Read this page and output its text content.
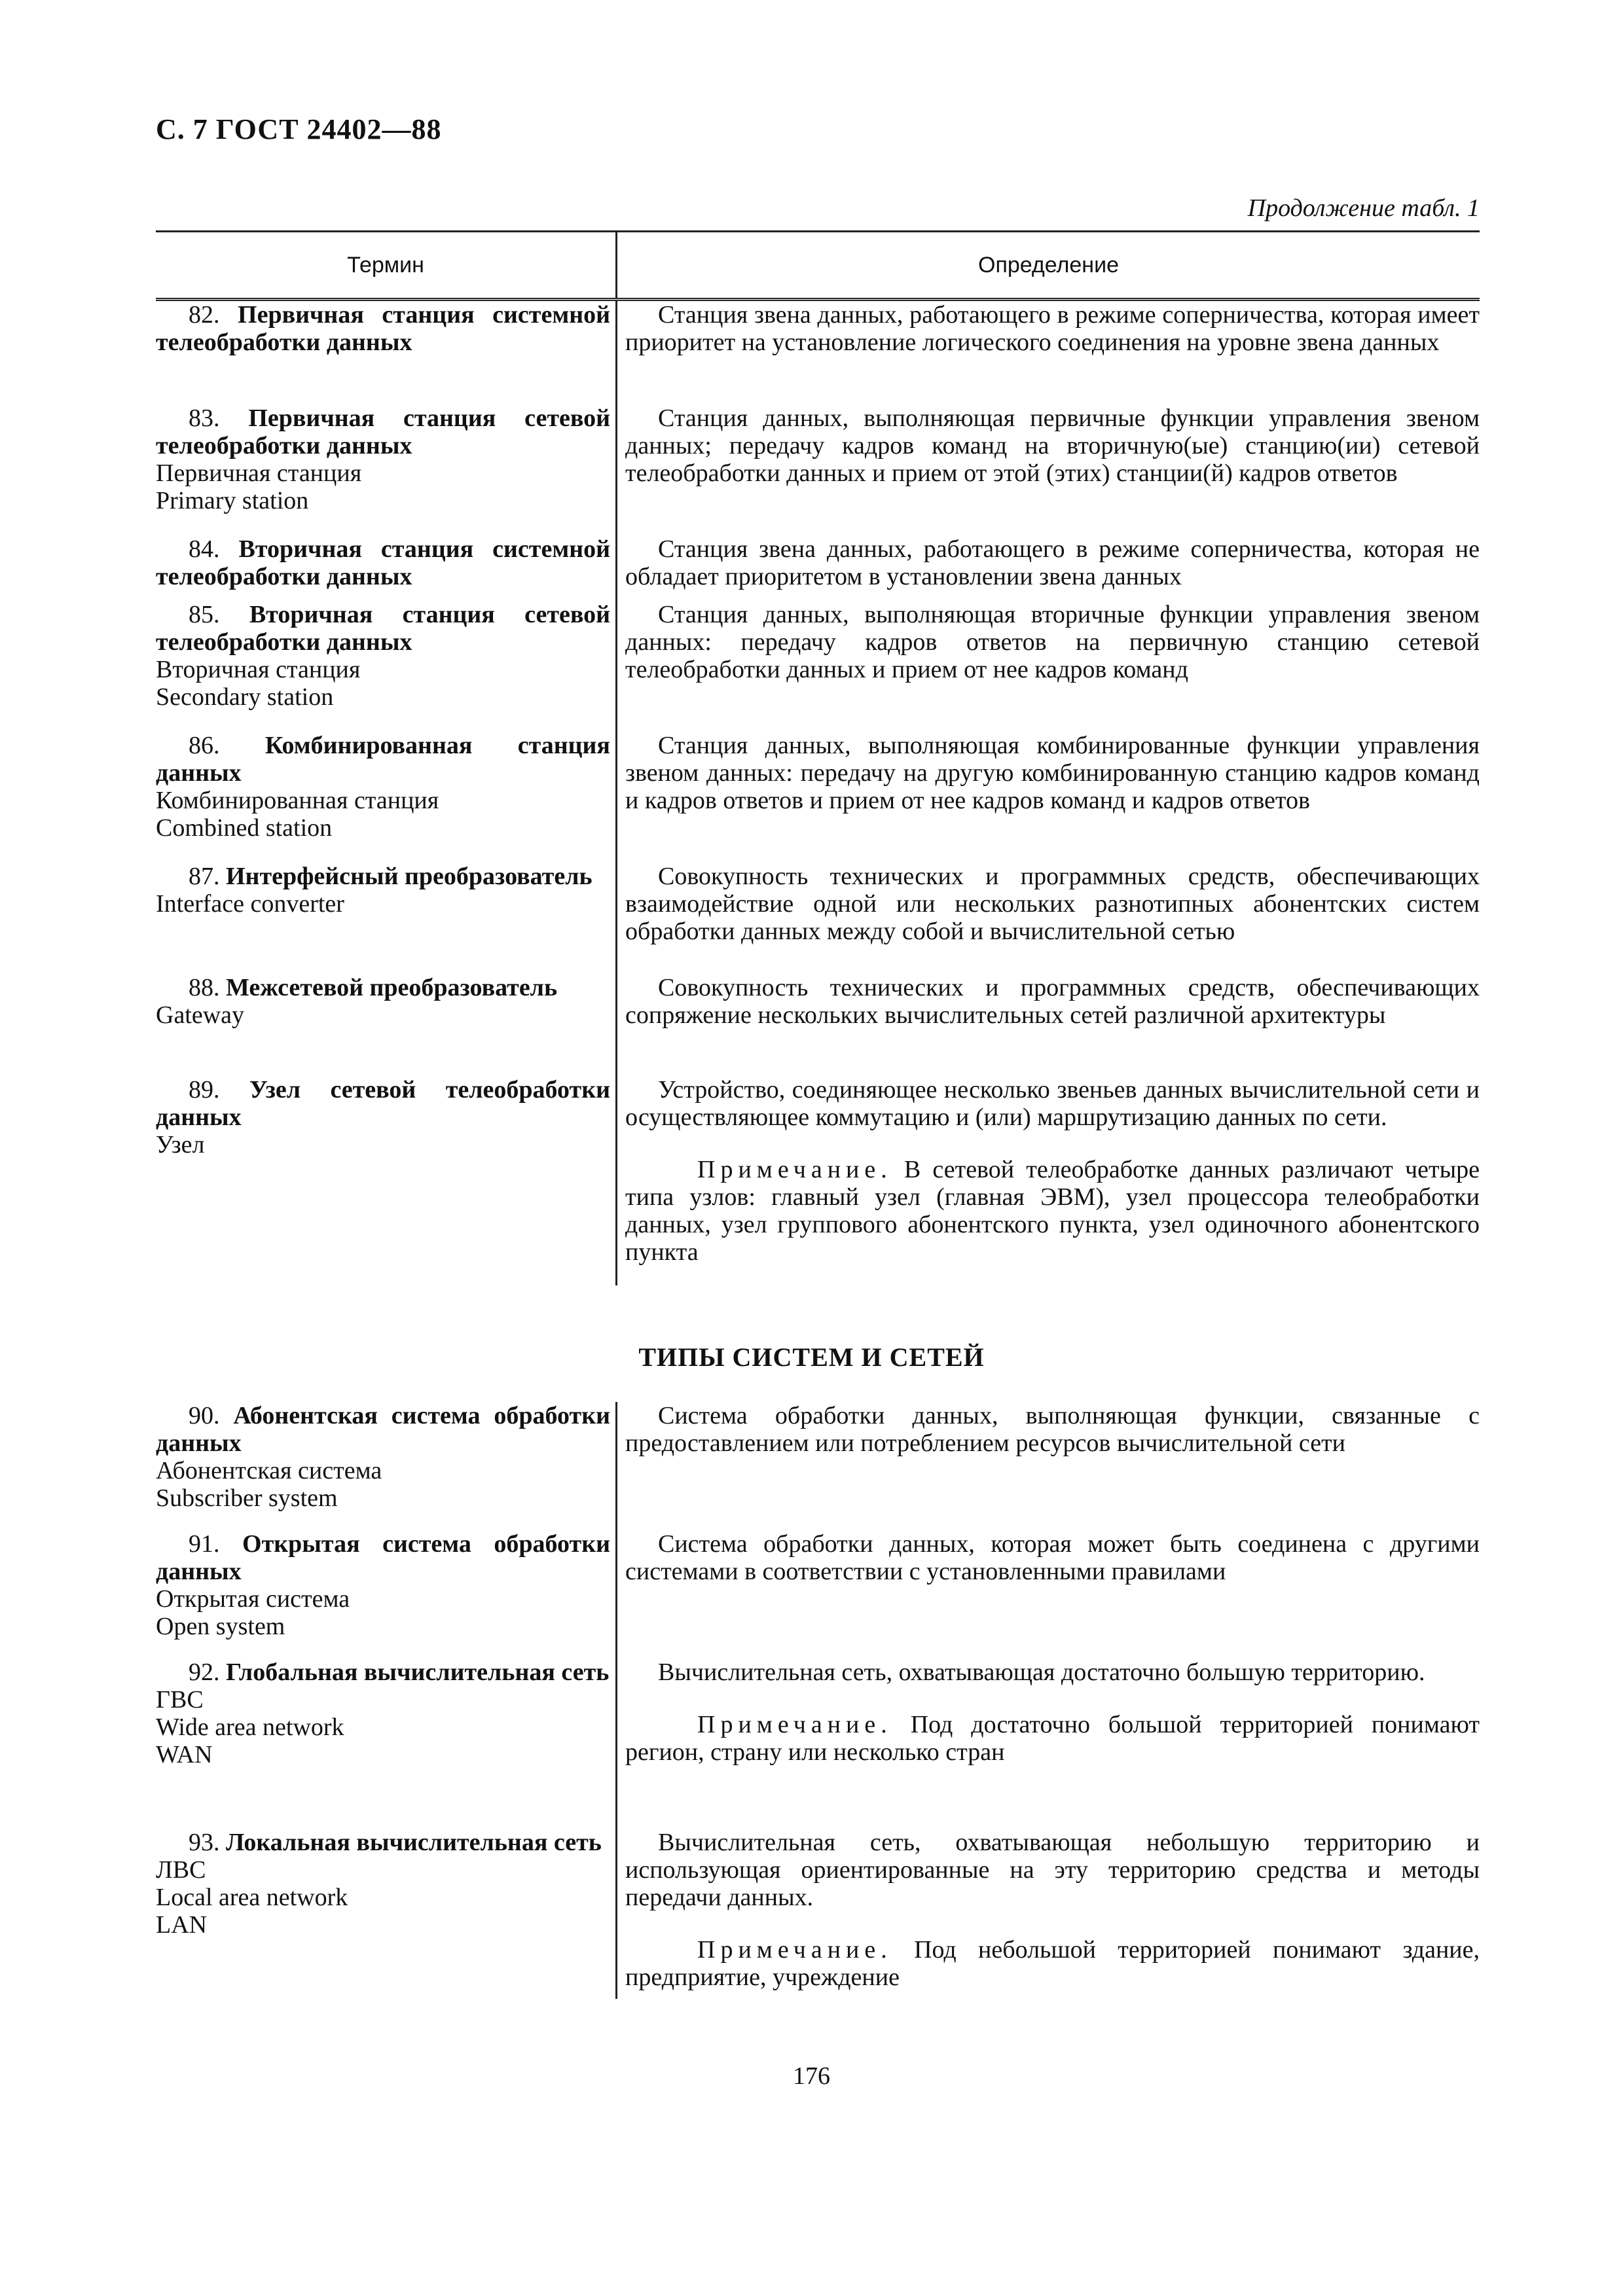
С. 7 ГОСТ 24402—88
Продолжение табл. 1
Термин	Определение
82. Первичная станция системной телеобработки данных
Станция звена данных, работающего в режиме соперничества, которая имеет приоритет на установление логического соединения на уровне звена данных
83. Первичная станция сетевой телеобработки данных
Первичная станция
Primary station
Станция данных, выполняющая первичные функции управления звеном данных; передачу кадров команд на вторичную(ые) станцию(ии) сетевой телеобработки данных и прием от этой (этих) станции(й) кадров ответов
84. Вторичная станция системной телеобработки данных
Станция звена данных, работающего в режиме соперничества, которая не обладает приоритетом в установлении звена данных
85. Вторичная станция сетевой телеобработки данных
Вторичная станция
Secondary station
Станция данных, выполняющая вторичные функции управления звеном данных: передачу кадров ответов на первичную станцию сетевой телеобработки данных и прием от нее кадров команд
86. Комбинированная станция данных
Комбинированная станция
Combined station
Станция данных, выполняющая комбинированные функции управления звеном данных: передачу на другую комбинированную станцию кадров команд и кадров ответов и прием от нее кадров команд и кадров ответов
87. Интерфейсный преобразователь
Interface converter
Совокупность технических и программных средств, обеспечивающих взаимодействие одной или нескольких разнотипных абонентских систем обработки данных между собой и вычислительной сетью
88. Межсетевой преобразователь
Gateway
Совокупность технических и программных средств, обеспечивающих сопряжение нескольких вычислительных сетей различной архитектуры
89. Узел сетевой телеобработки данных
Узел
Устройство, соединяющее несколько звеньев данных вычислительной сети и осуществляющее коммутацию и (или) маршрутизацию данных по сети.
Примечание. В сетевой телеобработке данных различают четыре типа узлов: главный узел (главная ЭВМ), узел процессора телеобработки данных, узел группового абонентского пункта, узел одиночного абонентского пункта
ТИПЫ СИСТЕМ И СЕТЕЙ
90. Абонентская система обработки данных
Абонентская система
Subscriber system
Система обработки данных, выполняющая функции, связанные с предоставлением или потреблением ресурсов вычислительной сети
91. Открытая система обработки данных
Открытая система
Open system
Система обработки данных, которая может быть соединена с другими системами в соответствии с установленными правилами
92. Глобальная вычислительная сеть
ГВС
Wide area network
WAN
Вычислительная сеть, охватывающая достаточно большую территорию.
Примечание. Под достаточно большой территорией понимают регион, страну или несколько стран
93. Локальная вычислительная сеть
ЛВС
Local area network
LAN
Вычислительная сеть, охватывающая небольшую территорию и использующая ориентированные на эту территорию средства и методы передачи данных.
Примечание. Под небольшой территорией понимают здание, предприятие, учреждение
176
